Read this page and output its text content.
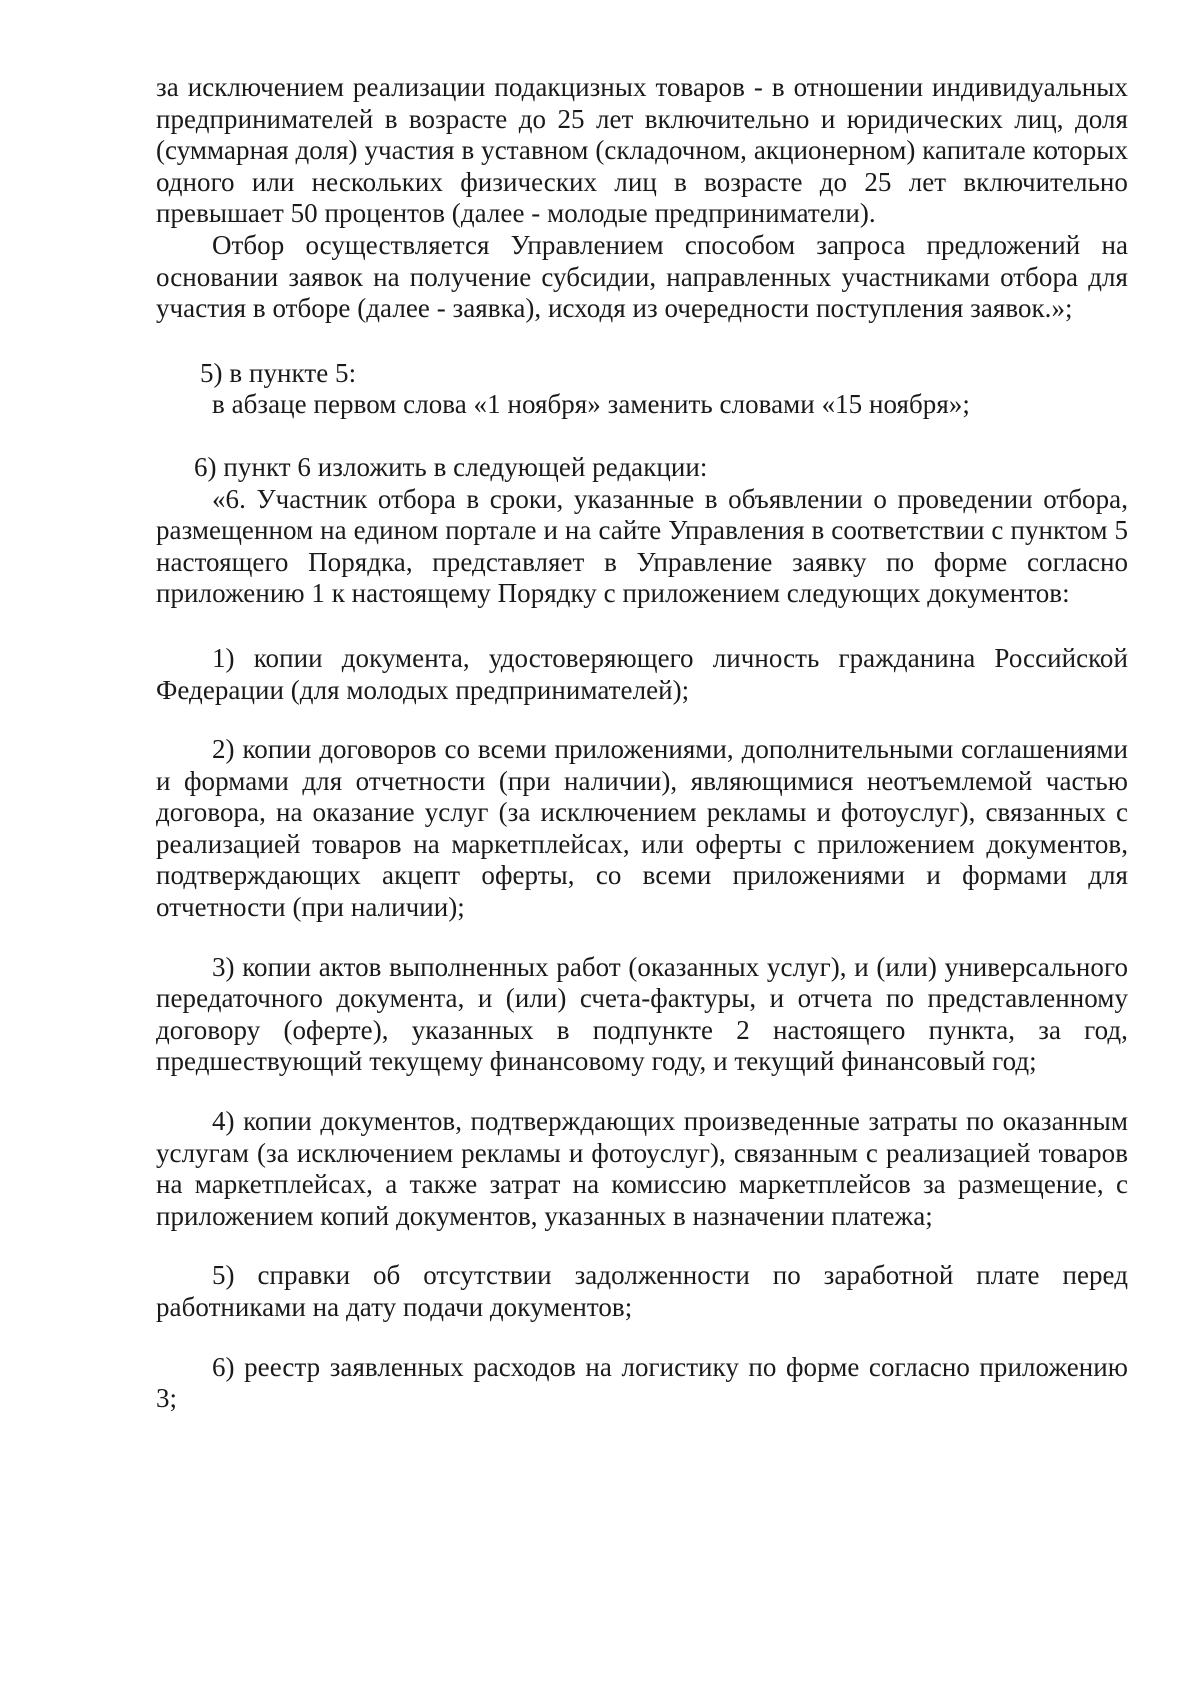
за исключением реализации подакцизных товаров - в отношении индивидуальных предпринимателей в возрасте до 25 лет включительно и юридических лиц, доля (суммарная доля) участия в уставном (складочном, акционерном) капитале которых одного или нескольких физических лиц в возрасте до 25 лет включительно превышает 50 процентов (далее - молодые предприниматели).

Отбор осуществляется Управлением способом запроса предложений на основании заявок на получение субсидии, направленных участниками отбора для участия в отборе (далее - заявка), исходя из очередности поступления заявок.»;

5) в пункте 5:

в абзаце первом слова «1 ноября» заменить словами «15 ноября»;

6) пункт 6 изложить в следующей редакции:

«6. Участник отбора в сроки, указанные в объявлении о проведении отбора, размещенном на едином портале и на сайте Управления в соответствии с пунктом 5 настоящего Порядка, представляет в Управление заявку по форме согласно приложению 1 к настоящему Порядку с приложением следующих документов:

1) копии документа, удостоверяющего личность гражданина Российской Федерации (для молодых предпринимателей);

2) копии договоров со всеми приложениями, дополнительными соглашениями и формами для отчетности (при наличии), являющимися неотъемлемой частью договора, на оказание услуг (за исключением рекламы и фотоуслуг), связанных с реализацией товаров на маркетплейсах, или оферты с приложением документов, подтверждающих акцепт оферты, со всеми приложениями и формами для отчетности (при наличии);

3) копии актов выполненных работ (оказанных услуг), и (или) универсального передаточного документа, и (или) счета-фактуры, и отчета по представленному договору (оферте), указанных в подпункте 2 настоящего пункта, за год, предшествующий текущему финансовому году, и текущий финансовый год;

4) копии документов, подтверждающих произведенные затраты по оказанным услугам (за исключением рекламы и фотоуслуг), связанным с реализацией товаров на маркетплейсах, а также затрат на комиссию маркетплейсов за размещение, с приложением копий документов, указанных в назначении платежа;

5) справки об отсутствии задолженности по заработной плате перед работниками на дату подачи документов;

6) реестр заявленных расходов на логистику по форме согласно приложению 3;
